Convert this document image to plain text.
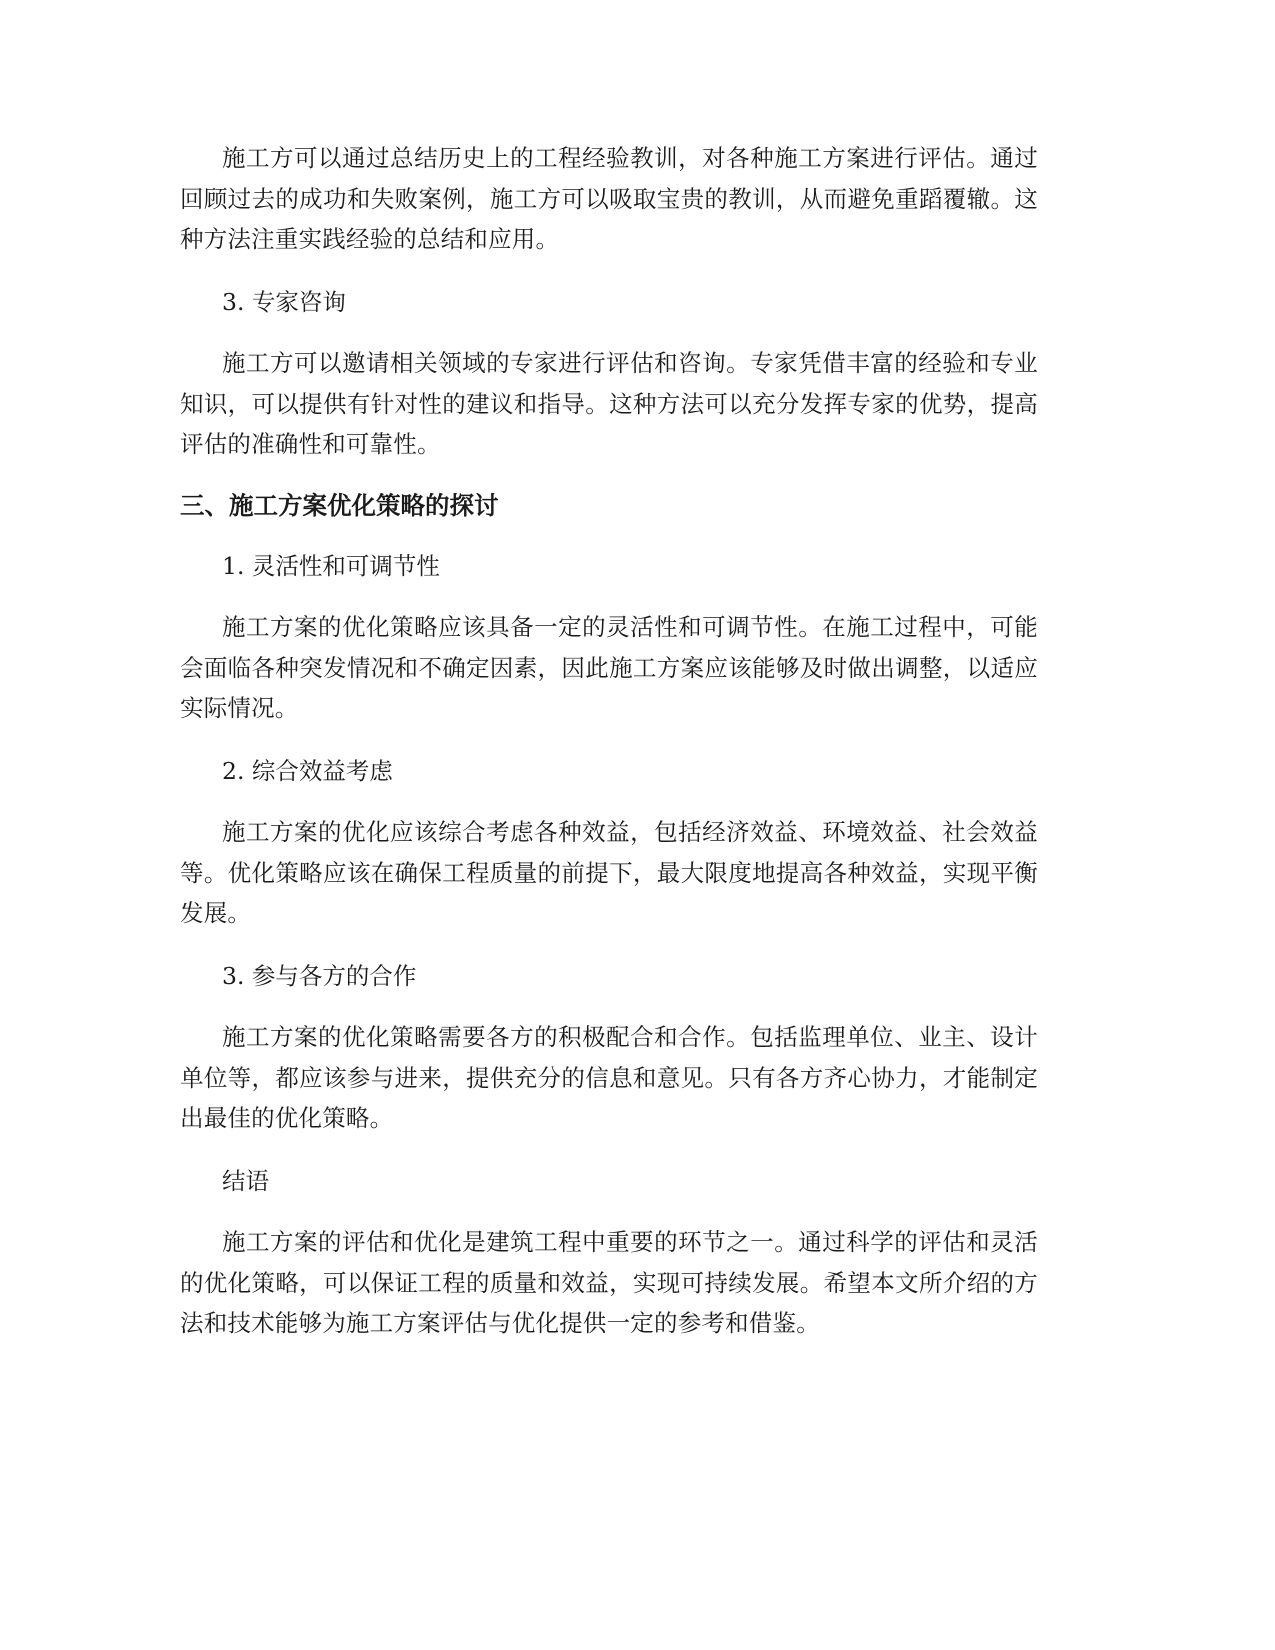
施工方可以通过总结历史上的工程经验教训，对各种施工方案进行评估。通过回顾过去的成功和失败案例，施工方可以吸取宝贵的教训，从而避免重蹈覆辙。这种方法注重实践经验的总结和应用。

3. 专家咨询

施工方可以邀请相关领域的专家进行评估和咨询。专家凭借丰富的经验和专业知识，可以提供有针对性的建议和指导。这种方法可以充分发挥专家的优势，提高评估的准确性和可靠性。

三、施工方案优化策略的探讨

1. 灵活性和可调节性

施工方案的优化策略应该具备一定的灵活性和可调节性。在施工过程中，可能会面临各种突发情况和不确定因素，因此施工方案应该能够及时做出调整，以适应实际情况。

2. 综合效益考虑

施工方案的优化应该综合考虑各种效益，包括经济效益、环境效益、社会效益等。优化策略应该在确保工程质量的前提下，最大限度地提高各种效益，实现平衡发展。

3. 参与各方的合作

施工方案的优化策略需要各方的积极配合和合作。包括监理单位、业主、设计单位等，都应该参与进来，提供充分的信息和意见。只有各方齐心协力，才能制定出最佳的优化策略。

结语

施工方案的评估和优化是建筑工程中重要的环节之一。通过科学的评估和灵活的优化策略，可以保证工程的质量和效益，实现可持续发展。希望本文所介绍的方法和技术能够为施工方案评估与优化提供一定的参考和借鉴。
